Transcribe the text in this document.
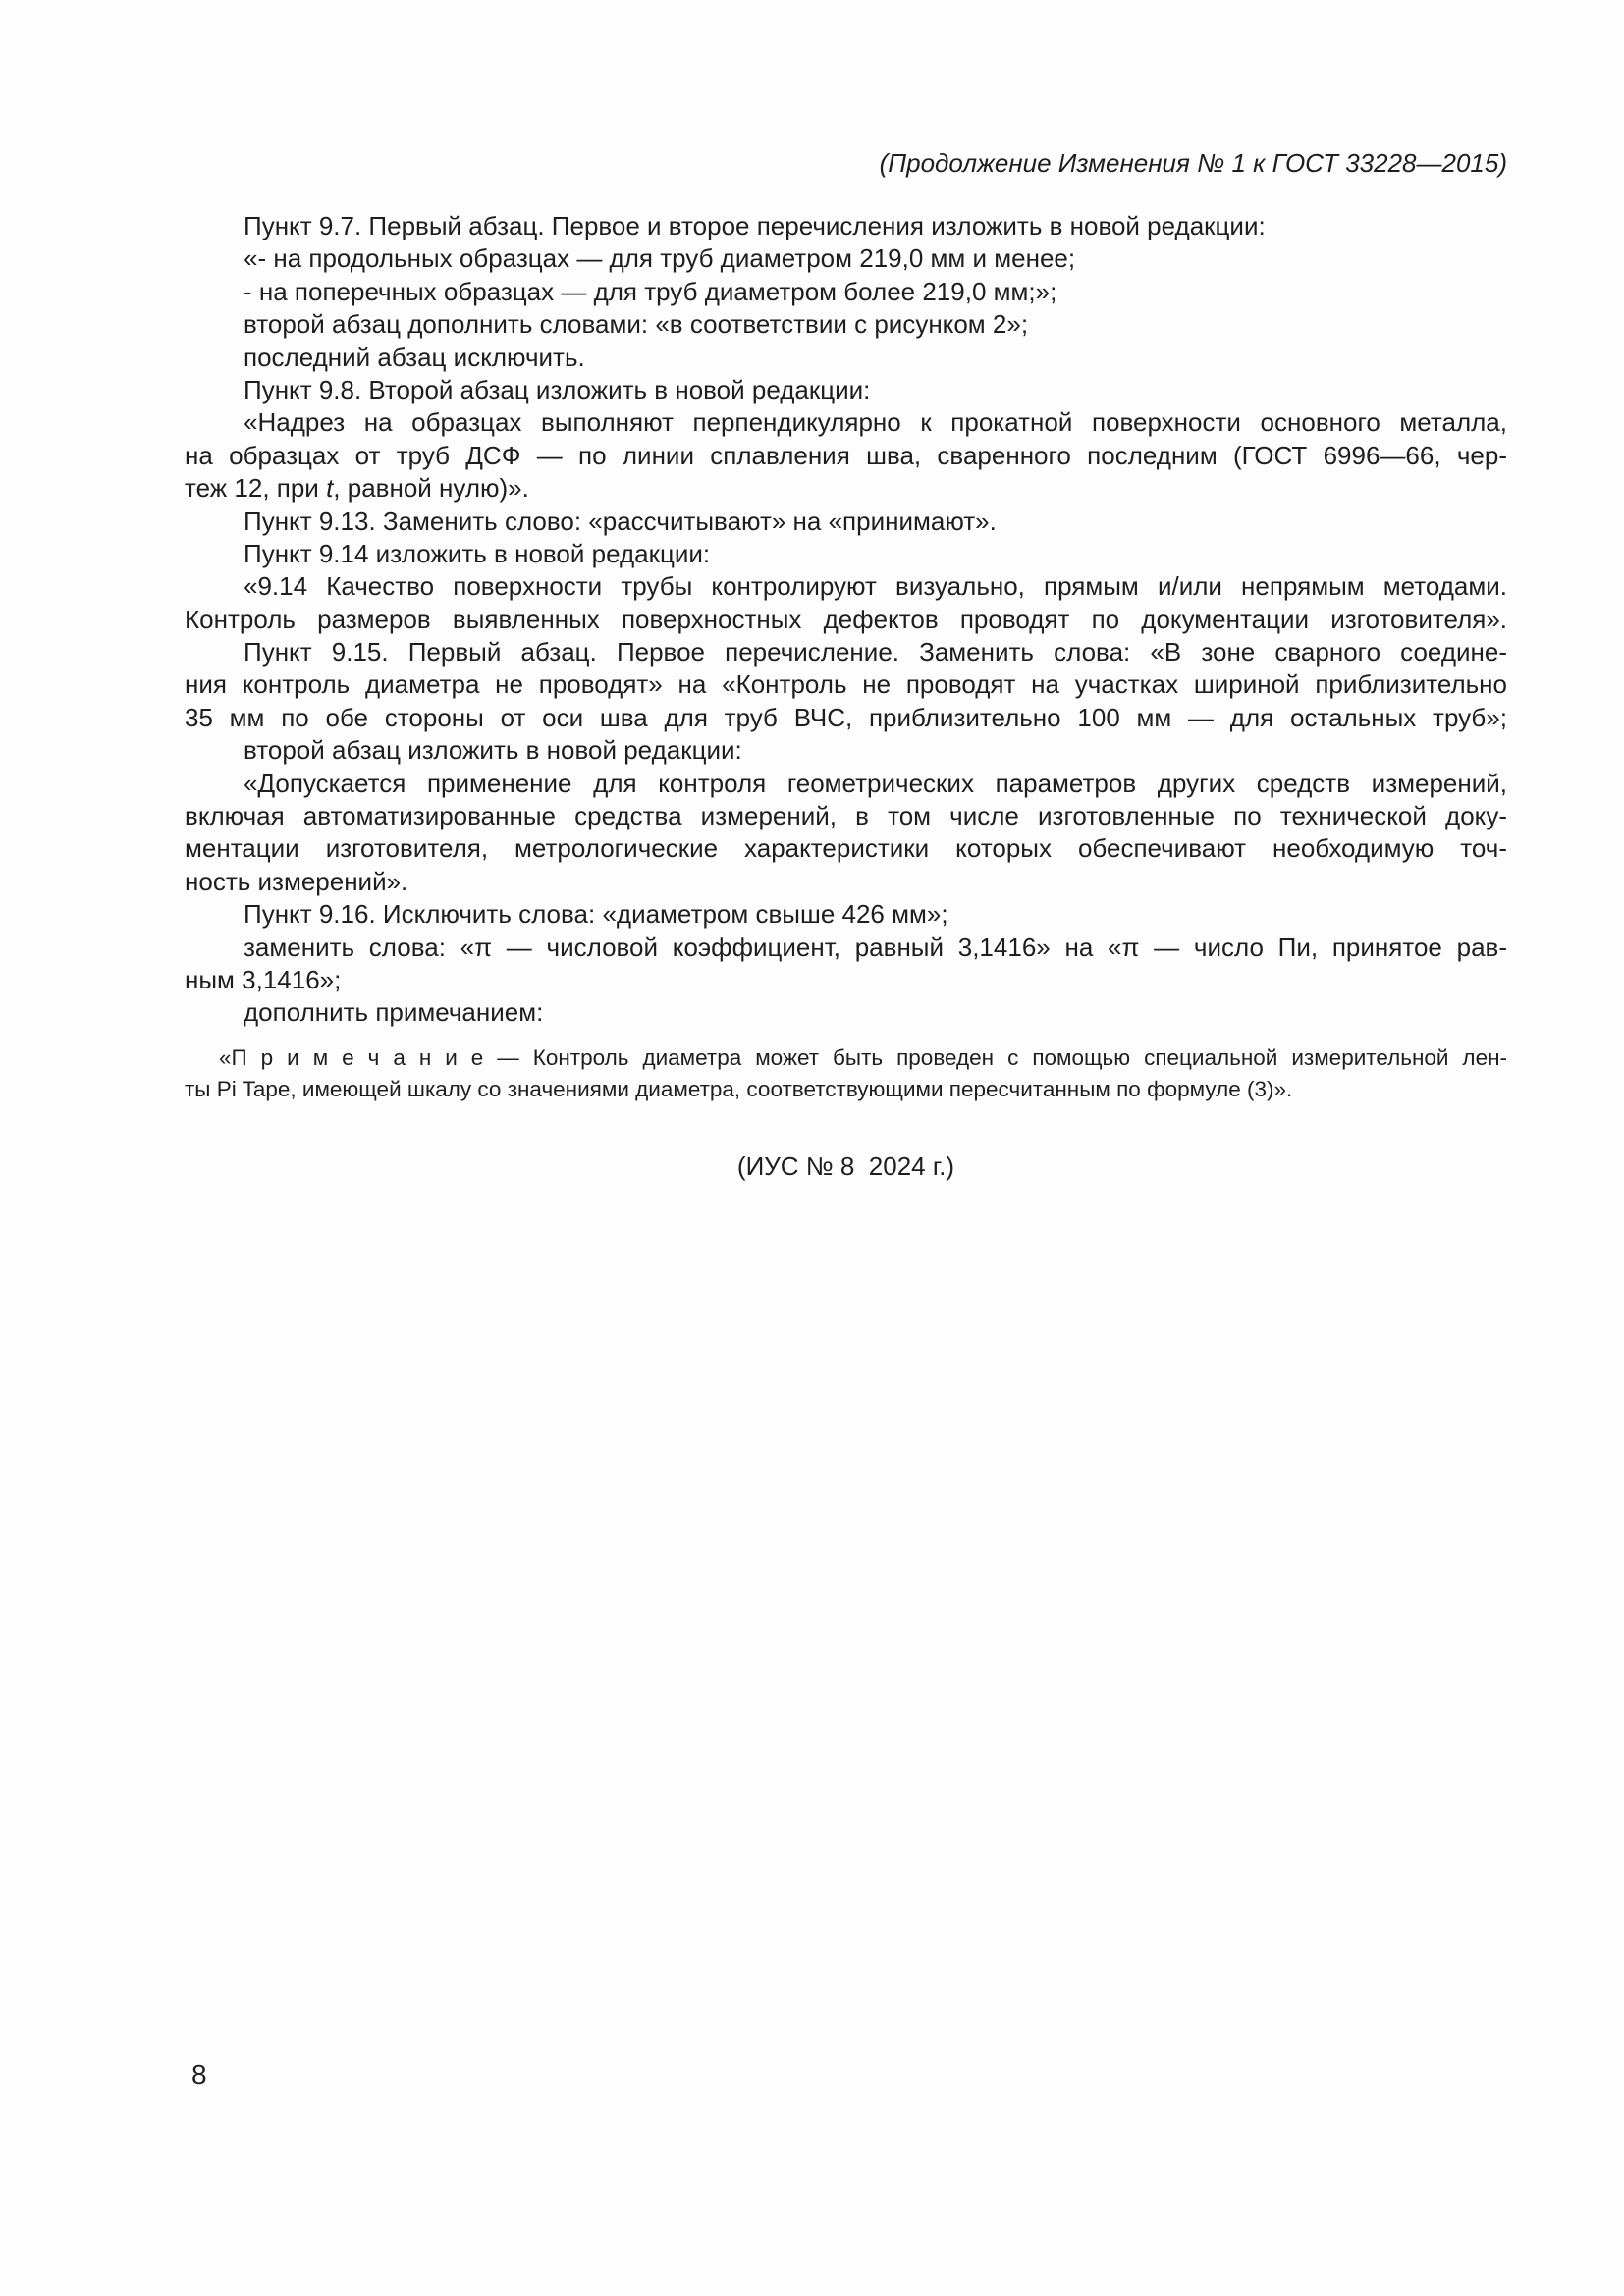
(Продолжение Изменения № 1 к ГОСТ 33228—2015)
Пункт 9.7. Первый абзац. Первое и второе перечисления изложить в новой редакции:
«- на продольных образцах — для труб диаметром 219,0 мм и менее;
- на поперечных образцах — для труб диаметром более 219,0 мм;»;
второй абзац дополнить словами: «в соответствии с рисунком 2»;
последний абзац исключить.
Пункт 9.8. Второй абзац изложить в новой редакции:
«Надрез на образцах выполняют перпендикулярно к прокатной поверхности основного металла,
на образцах от труб ДСФ — по линии сплавления шва, сваренного последним (ГОСТ 6996—66, чер-
теж 12, при t, равной нулю)».
Пункт 9.13. Заменить слово: «рассчитывают» на «принимают».
Пункт 9.14 изложить в новой редакции:
«9.14 Качество поверхности трубы контролируют визуально, прямым и/или непрямым методами.
Контроль размеров выявленных поверхностных дефектов проводят по документации изготовителя».
Пункт 9.15. Первый абзац. Первое перечисление. Заменить слова: «В зоне сварного соедине-
ния контроль диаметра не проводят» на «Контроль не проводят на участках шириной приблизительно
35 мм по обе стороны от оси шва для труб ВЧС, приблизительно 100 мм — для остальных труб»;
второй абзац изложить в новой редакции:
«Допускается применение для контроля геометрических параметров других средств измерений,
включая автоматизированные средства измерений, в том числе изготовленные по технической доку-
ментации изготовителя, метрологические характеристики которых обеспечивают необходимую точ-
ность измерений».
Пункт 9.16. Исключить слова: «диаметром свыше 426 мм»;
заменить слова: «π — числовой коэффициент, равный 3,1416» на «π — число Пи, принятое рав-
ным 3,1416»;
дополнить примечанием:
«П р и м е ч а н и е — Контроль диаметра может быть проведен с помощью специальной измерительной лен-
ты Pi Tape, имеющей шкалу со значениями диаметра, соответствующими пересчитанным по формуле (3)».
(ИУС № 8  2024 г.)
8
